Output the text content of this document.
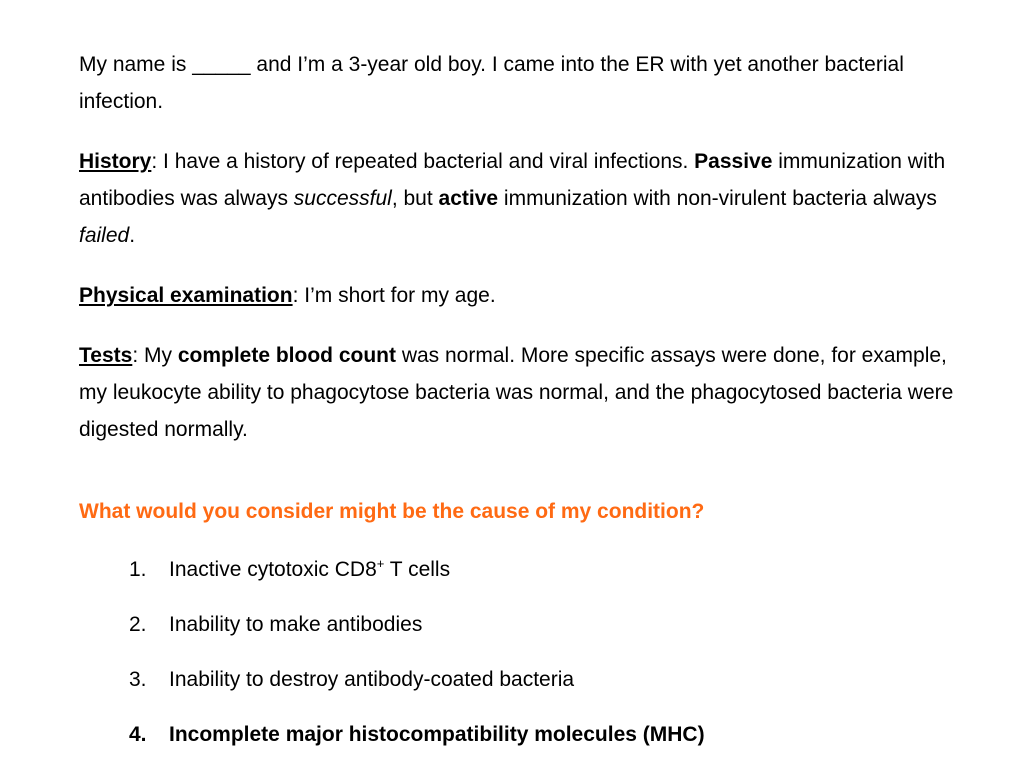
My name is _____ and I’m a 3-year old boy. I came into the ER with yet another bacterial infection.

History: I have a history of repeated bacterial and viral infections. Passive immunization with antibodies was always successful, but active immunization with non-virulent bacteria always failed.

Physical examination: I’m short for my age.

Tests: My complete blood count was normal. More specific assays were done, for example, my leukocyte ability to phagocytose bacteria was normal, and the phagocytosed bacteria were digested normally.

What would you consider might be the cause of my condition?

1.	Inactive cytotoxic CD8+ T cells
2.	Inability to make antibodies
3.	Inability to destroy antibody-coated bacteria
4.	Incomplete major histocompatibility molecules (MHC)
